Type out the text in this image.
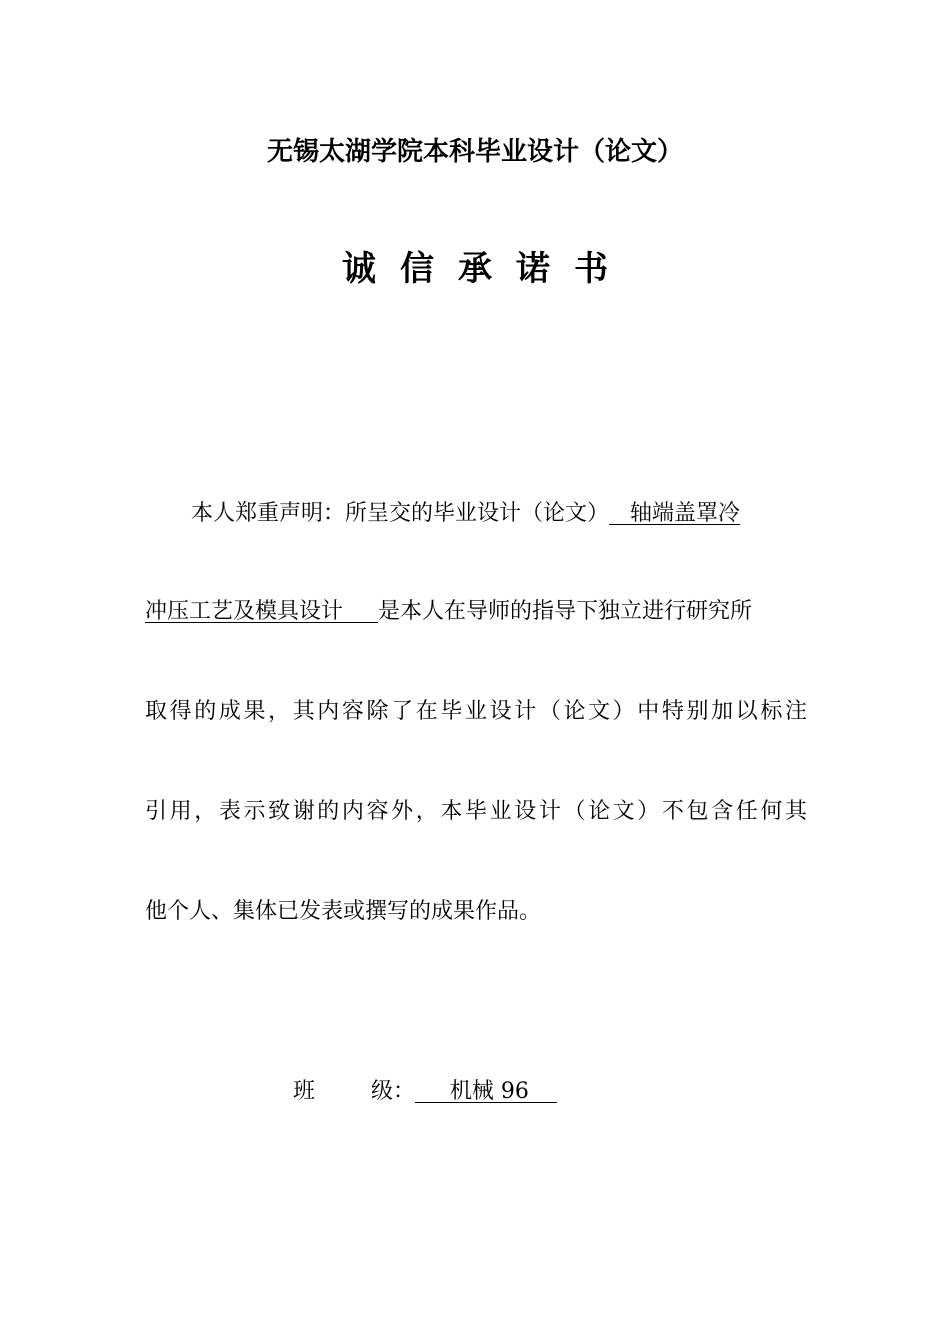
无锡太湖学院本科毕业设计（论文）
诚信承诺书
本人郑重声明：所呈交的毕业设计（论文）   轴端盖罩冷
冲压工艺及模具设计     是本人在导师的指导下独立进行研究所
取得的成果，其内容除了在毕业设计（论文）中特别加以标注
引用，表示致谢的内容外，本毕业设计（论文）不包含任何其
他个人、集体已发表或撰写的成果作品。
班        级：     机械 96
